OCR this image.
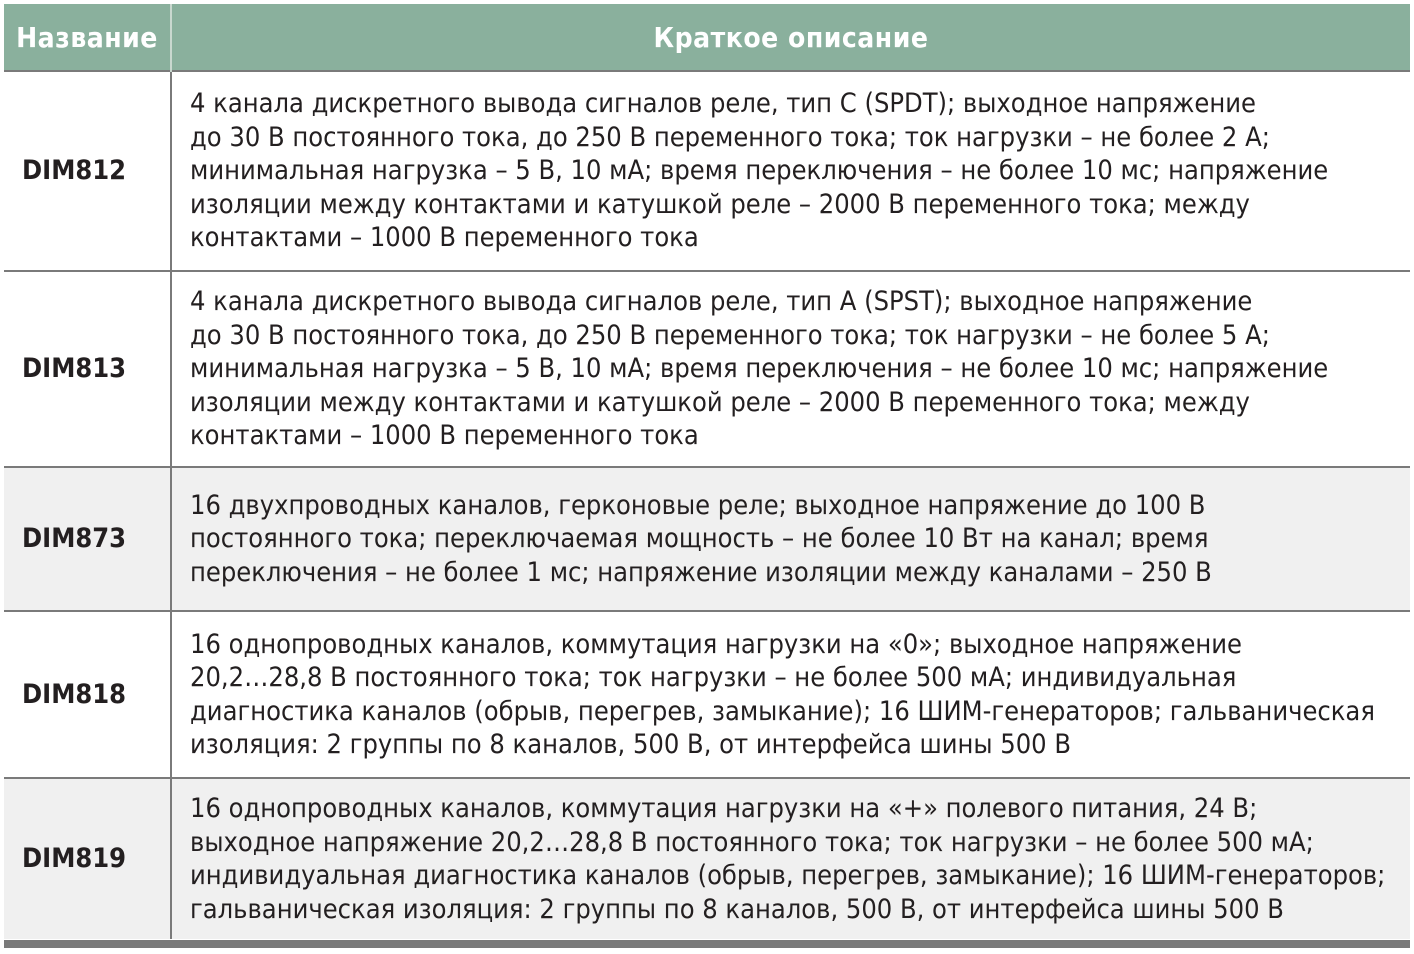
Название	Краткое описание
DIM812	4 канала дискретного вывода сигналов реле, тип С (SPDT); выходное напряжение
до 30 В постоянного тока, до 250 В переменного тока; ток нагрузки – не более 2 А;
минимальная нагрузка – 5 В, 10 мА; время переключения – не более 10 мс; напряжение
изоляции между контактами и катушкой реле – 2000 В переменного тока; между
контактами – 1000 В переменного тока
DIM813	4 канала дискретного вывода сигналов реле, тип А (SPST); выходное напряжение
до 30 В постоянного тока, до 250 В переменного тока; ток нагрузки – не более 5 А;
минимальная нагрузка – 5 В, 10 мА; время переключения – не более 10 мс; напряжение
изоляции между контактами и катушкой реле – 2000 В переменного тока; между
контактами – 1000 В переменного тока
DIM873	16 двухпроводных каналов, герконовые реле; выходное напряжение до 100 В
постоянного тока; переключаемая мощность – не более 10 Вт на канал; время
переключения – не более 1 мс; напряжение изоляции между каналами – 250 В
DIM818	16 однопроводных каналов, коммутация нагрузки на «0»; выходное напряжение
20,2…28,8 В постоянного тока; ток нагрузки – не более 500 мА; индивидуальная
диагностика каналов (обрыв, перегрев, замыкание); 16 ШИМ-генераторов; гальваническая
изоляция: 2 группы по 8 каналов, 500 В, от интерфейса шины 500 В
DIM819	16 однопроводных каналов, коммутация нагрузки на «+» полевого питания, 24 В;
выходное напряжение 20,2…28,8 В постоянного тока; ток нагрузки – не более 500 мА;
индивидуальная диагностика каналов (обрыв, перегрев, замыкание); 16 ШИМ-генераторов;
гальваническая изоляция: 2 группы по 8 каналов, 500 В, от интерфейса шины 500 В
